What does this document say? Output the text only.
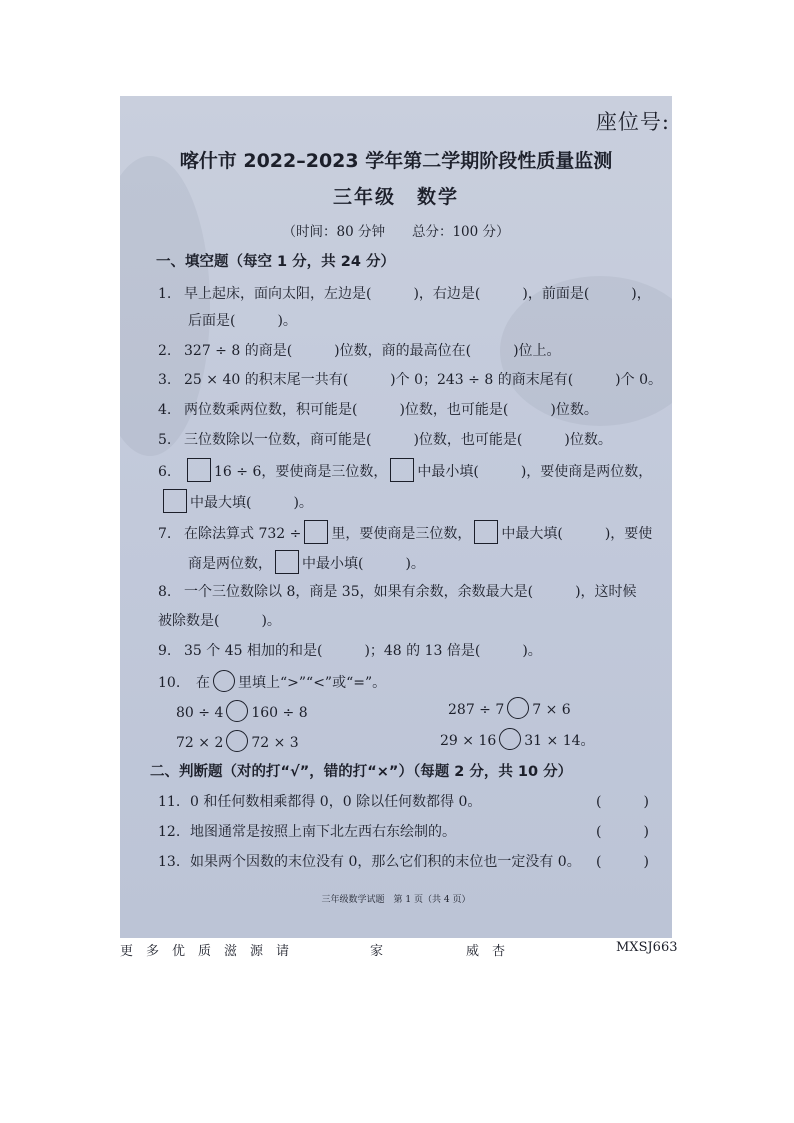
座位号:
喀什市 2022–2023 学年第二学期阶段性质量监测
三年级　数学
（时间：80 分钟　　总分：100 分）
一、填空题（每空 1 分，共 24 分）
1. 早上起床，面向太阳，左边是(　　　)，右边是(　　　)，前面是(　　　)，
后面是(　　　)。
2. 327 ÷ 8 的商是(　　　)位数，商的最高位在(　　　)位上。
3. 25 × 40 的积末尾一共有(　　　)个 0；243 ÷ 8 的商末尾有(　　　)个 0。
4. 两位数乘两位数，积可能是(　　　)位数，也可能是(　　　)位数。
5. 三位数除以一位数，商可能是(　　　)位数，也可能是(　　　)位数。
6.	16 ÷ 6，要使商是三位数， 中最小填(　　　)，要使商是两位数，
中最大填(　　　)。
7. 在除法算式 732 ÷ 里，要使商是三位数， 中最大填(　　　)，要使
商是两位数， 中最小填(　　　)。
8. 一个三位数除以 8，商是 35，如果有余数，余数最大是(　　　)，这时候
被除数是(　　　)。
9. 35 个 45 相加的和是(　　　)；48 的 13 倍是(　　　)。
10. 在 里填上“>”“<”或“=”。
80 ÷ 4 160 ÷ 8	287 ÷ 7 7 × 6
72 × 2 72 × 3	29 × 16 31 × 14。
二、判断题（对的打“√”，错的打“×”）（每题 2 分，共 10 分）
11. 0 和任何数相乘都得 0，0 除以任何数都得 0。	(　　　)
12. 地图通常是按照上南下北左西右东绘制的。	(　　　)
13. 如果两个因数的末位没有 0，那么它们积的末位也一定没有 0。 (　　　)
三年级数学试题　第 1 页（共 4 页）
更　多　优　质　滋　源　请	家	威　杏	MXSJ663
